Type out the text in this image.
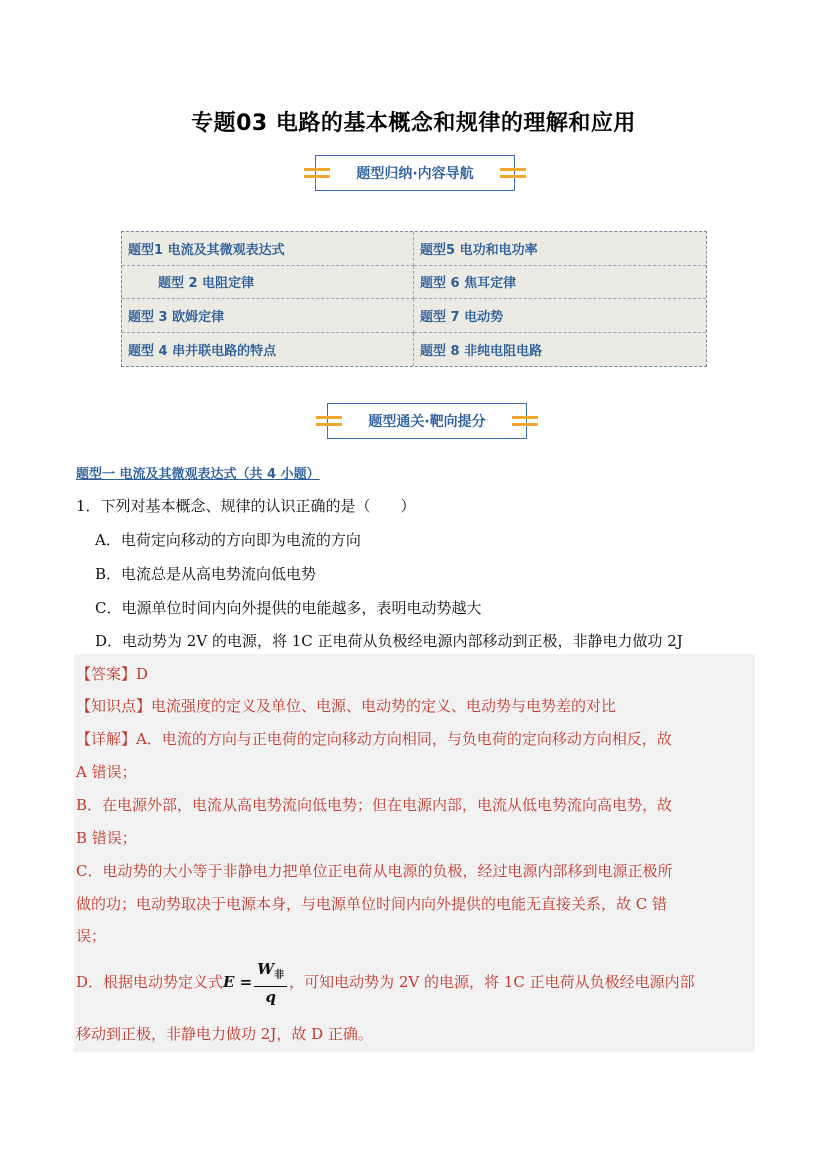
专题03 电路的基本概念和规律的理解和应用
题型归纳·内容导航
题型1 电流及其微观表达式	题型5 电功和电功率
题型 2 电阻定律	题型 6 焦耳定律
题型 3 欧姆定律	题型 7 电动势
题型 4 串并联电路的特点	题型 8 非纯电阻电路
题型通关·靶向提分
题型一 电流及其微观表达式（共 4 小题）
1．下列对基本概念、规律的认识正确的是（　　）
A．电荷定向移动的方向即为电流的方向
B．电流总是从高电势流向低电势
C．电源单位时间内向外提供的电能越多，表明电动势越大
D．电动势为 2V 的电源，将 1C 正电荷从负极经电源内部移动到正极，非静电力做功 2J
【答案】D
【知识点】电流强度的定义及单位、电源、电动势的定义、电动势与电势差的对比
【详解】A．电流的方向与正电荷的定向移动方向相同，与负电荷的定向移动方向相反，故
A 错误；
B．在电源外部，电流从高电势流向低电势；但在电源内部，电流从低电势流向高电势，故
B 错误；
C．电动势的大小等于非静电力把单位正电荷从电源的负极，经过电源内部移到电源正极所
做的功；电动势取决于电源本身，与电源单位时间内向外提供的电能无直接关系，故 C 错
误；
D．根据电动势定义式$E = \frac{W_非}{q}$ ，可知电动势为 2V 的电源，将 1C 正电荷从负极经电源内部
移动到正极，非静电力做功 2J，故 D 正确。
